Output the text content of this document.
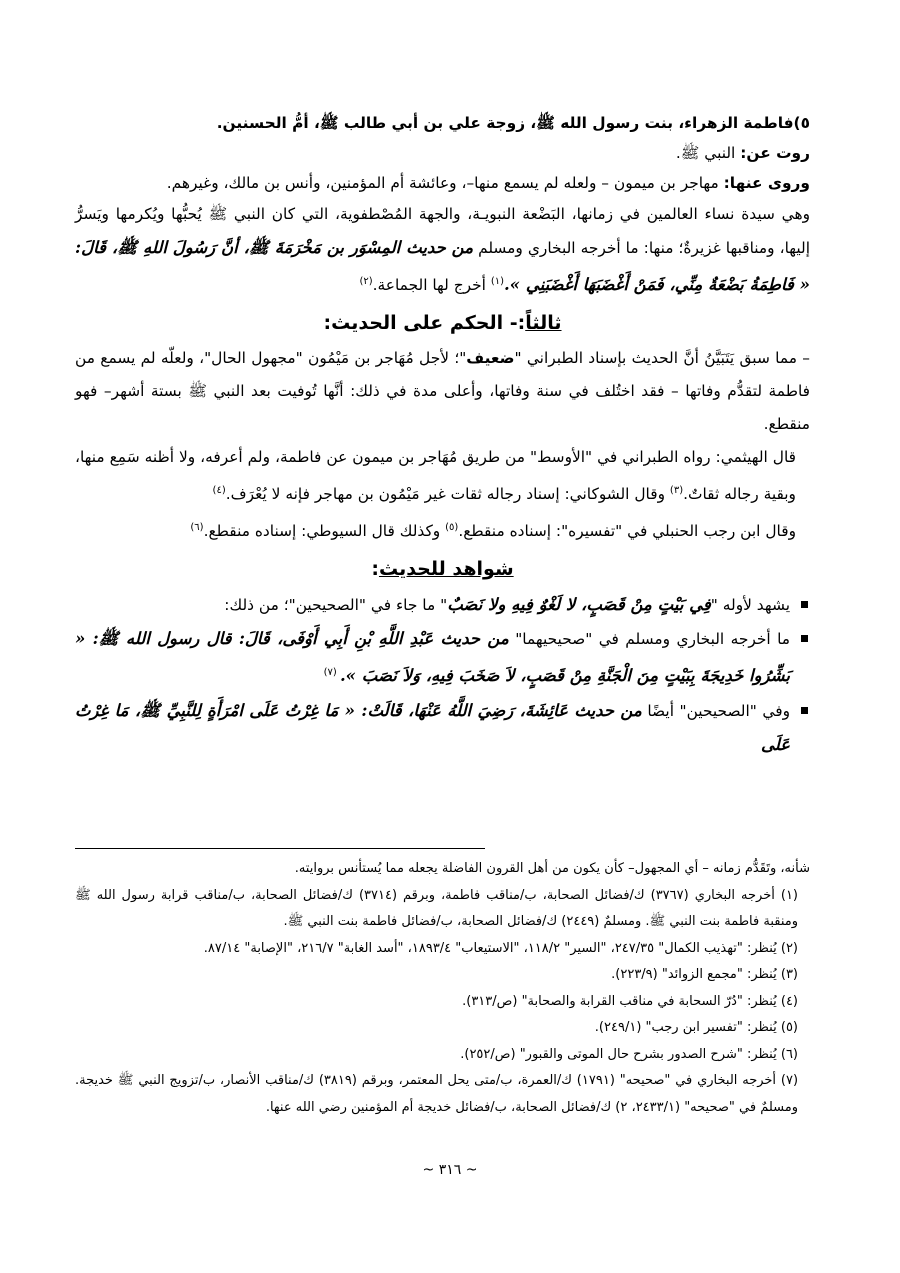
٥)فاطمة الزهراء، بنت رسول الله ﷺ، زوجة علي بن أبي طالب ﷺ، أمُّ الحسنين.

روت عن: النبي ﷺ.

وروى عنها: مهاجر بن ميمون – ولعله لم يسمع منها–، وعائشة أم المؤمنين، وأنس بن مالك، وغيرهم.

وهي سيدة نساء العالمين في زمانها، البَضْعة النبويـة، والجهة المُصْطفوية، التي كان النبي ﷺ يُحبُّها ويُكرمها ويَسرُّ إليها، ومناقبها غزيرةٌ؛ منها: ما أخرجه البخاري ومسلم من حديث المِسْوَر بن مَخْرَمَةَ ﷺ، أنَّ رَسُولَ اللهِ ﷺ، قَالَ: « فَاطِمَةُ بَضْعَةٌ مِنِّي، فَمَنْ أَغْضَبَهَا أَغْضَبَنِي ».$^{(١)}$ أخرج لها الجماعة.$^{(٢)}$

ثالثاً:- الحكم على الحديث:

– مما سبق يَتَبَيَّنُ أنَّ الحديث بإسناد الطبراني "ضعيف"؛ لأجل مُهَاجر بن مَيْمُون "مجهول الحال"، ولعلّه لم يسمع من فاطمة لتقدُّم وفاتها – فقد اختُلف في سنة وفاتها، وأعلى مدة في ذلك: أنَّها تُوفيت بعد النبي ﷺ بستة أشهر– فهو منقطع.

قال الهيثمي: رواه الطبراني في "الأوسط" من طريق مُهَاجر بن ميمون عن فاطمة، ولم أعرفه، ولا أظنه سَمِع منها، وبقية رجاله ثقاتٌ.$^{(٣)}$ وقال الشوكاني: إسناد رجاله ثقات غير مَيْمُون بن مهاجر فإنه لا يُعْرَف.$^{(٤)}$

وقال ابن رجب الحنبلي في "تفسيره": إسناده منقطع.$^{(٥)}$ وكذلك قال السيوطي: إسناده منقطع.$^{(٦)}$

شواهد للحديث:

يشهد لأوله "فِي بَيْتٍ مِنْ قَصَبٍ، لا لَغْوٌ فِيهِ ولا نَصَبٌ" ما جاء في "الصحيحين"؛ من ذلك:

ما أخرجه البخاري ومسلم في "صحيحيهما" من حديث عَبْدِ اللَّهِ بْنِ أَبِي أَوْفَى، قَالَ: قال رسول الله ﷺ: « بَشِّرُوا خَدِيجَةَ بِبَيْتٍ مِنَ الْجَنَّةِ مِنْ قَصَبٍ، لاَ صَخَبَ فِيهِ، وَلاَ نَصَبَ ». $^{(٧)}$

وفي "الصحيحين" أيضًا من حديث عَائِشَةَ، رَضِيَ اللَّهُ عَنْهَا، قَالَتْ: « مَا غِرْتُ عَلَى امْرَأَةٍ لِلنَّبِيِّ ﷺ، مَا غِرْتُ عَلَى

شأنه، وتَقَدُّم زمانه – أي المجهول– كأن يكون من أهل القرون الفاضلة يجعله مما يُستأنس بروايته.

(١) أخرجه البخاري (٣٧٦٧) ك/فضائل الصحابة، ب/مناقب فاطمة، وبرقم (٣٧١٤) ك/فضائل الصحابة، ب/مناقب قرابة رسول الله ﷺ ومنقبة فاطمة بنت النبي ﷺ. ومسلمٌ (٢٤٤٩) ك/فضائل الصحابة، ب/فضائل فاطمة بنت النبي ﷺ.

(٢) يُنظر: "تهذيب الكمال" ٢٤٧/٣٥، "السير" ١١٨/٢، "الاستيعاب" ١٨٩٣/٤، "أسد الغابة" ٢١٦/٧، "الإصابة" ٨٧/١٤.

(٣) يُنظر: "مجمع الزوائد" (٢٢٣/٩).

(٤) يُنظر: "دُرّ السحابة في مناقب القرابة والصحابة" (ص/٣١٣).

(٥) يُنظر: "تفسير ابن رجب" (٢٤٩/١).

(٦) يُنظر: "شرح الصدور بشرح حال الموتى والقبور" (ص/٢٥٢).

(٧) أخرجه البخاري في "صحيحه" (١٧٩١) ك/العمرة، ب/متى يحل المعتمر، وبرقم (٣٨١٩) ك/مناقب الأنصار، ب/تزويج النبي ﷺ خديجة. ومسلمٌ في "صحيحه" (٢٤٣٣/١، ٢) ك/فضائل الصحابة، ب/فضائل خديجة أم المؤمنين رضي الله عنها.

~ ٣١٦ ~
